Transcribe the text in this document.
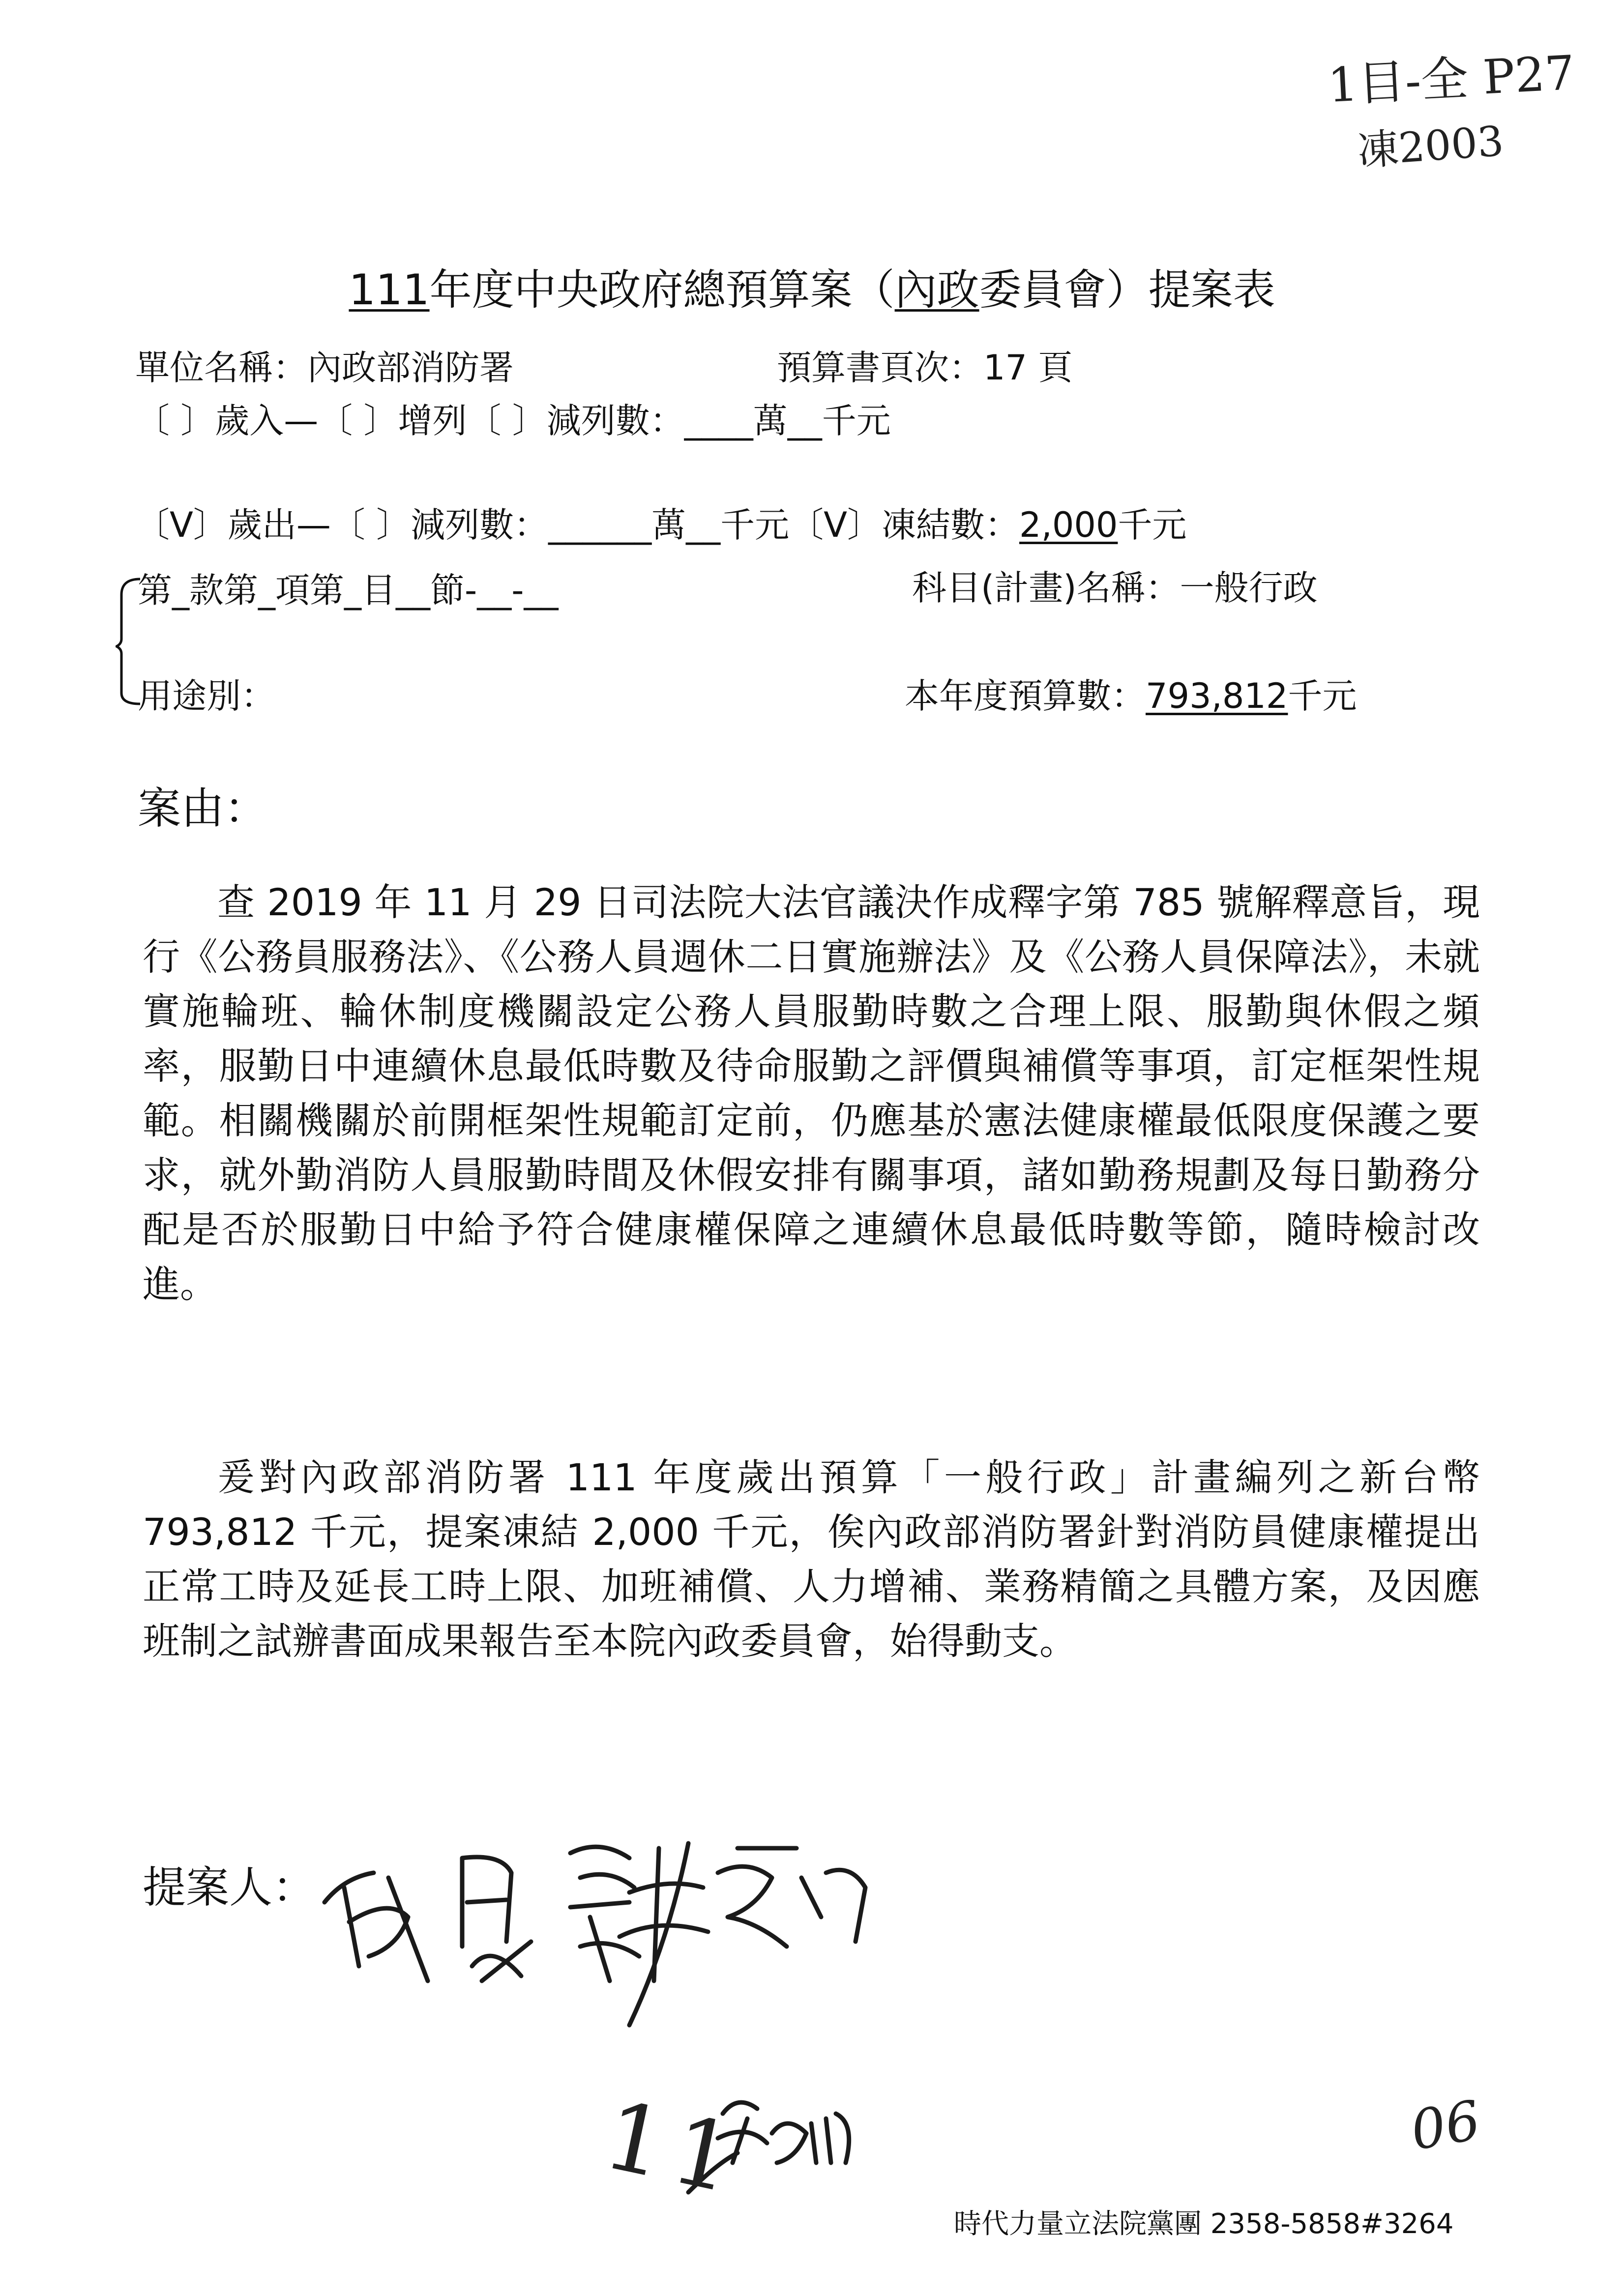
1目-全 P27
凍2003
111年度中央政府總預算案（內政委員會）提案表
單位名稱：內政部消防署	預算書頁次：17 頁
〔 〕歲入—〔 〕增列〔 〕減列數：____萬__千元
〔V〕歲出—〔 〕減列數：______萬__千元〔V〕凍結數：2,000千元
第_款第_項第_目__節-__-__	科目(計畫)名稱：一般行政
用途別：	本年度預算數：793,812千元
案由：
查 2019 年 11 月 29 日司法院大法官議決作成釋字第 785 號解釋意旨，現行《公務員服務法》、《公務人員週休二日實施辦法》及《公務人員保障法》，未就實施輪班、輪休制度機關設定公務人員服勤時數之合理上限、服勤與休假之頻率，服勤日中連續休息最低時數及待命服勤之評價與補償等事項，訂定框架性規範。相關機關於前開框架性規範訂定前，仍應基於憲法健康權最低限度保護之要求，就外勤消防人員服勤時間及休假安排有關事項，諸如勤務規劃及每日勤務分配是否於服勤日中給予符合健康權保障之連續休息最低時數等節，隨時檢討改進。
爰對內政部消防署 111 年度歲出預算「一般行政」計畫編列之新台幣 793,812 千元，提案凍結 2,000 千元，俟內政部消防署針對消防員健康權提出正常工時及延長工時上限、加班補償、人力增補、業務精簡之具體方案，及因應班制之試辦書面成果報告至本院內政委員會，始得動支。
提案人：
11	06
時代力量立法院黨團 2358-5858#3264
